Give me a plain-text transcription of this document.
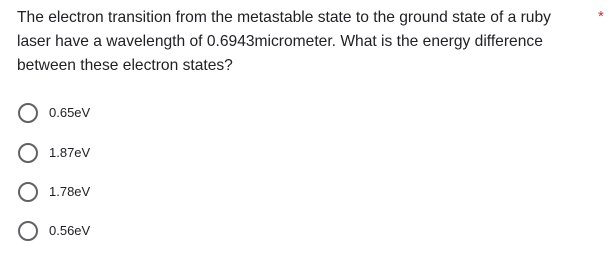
The electron transition from the metastable state to the ground state of a ruby laser have a wavelength of 0.6943micrometer. What is the energy difference between these electron states?
*
0.65eV
1.87eV
1.78eV
0.56eV
